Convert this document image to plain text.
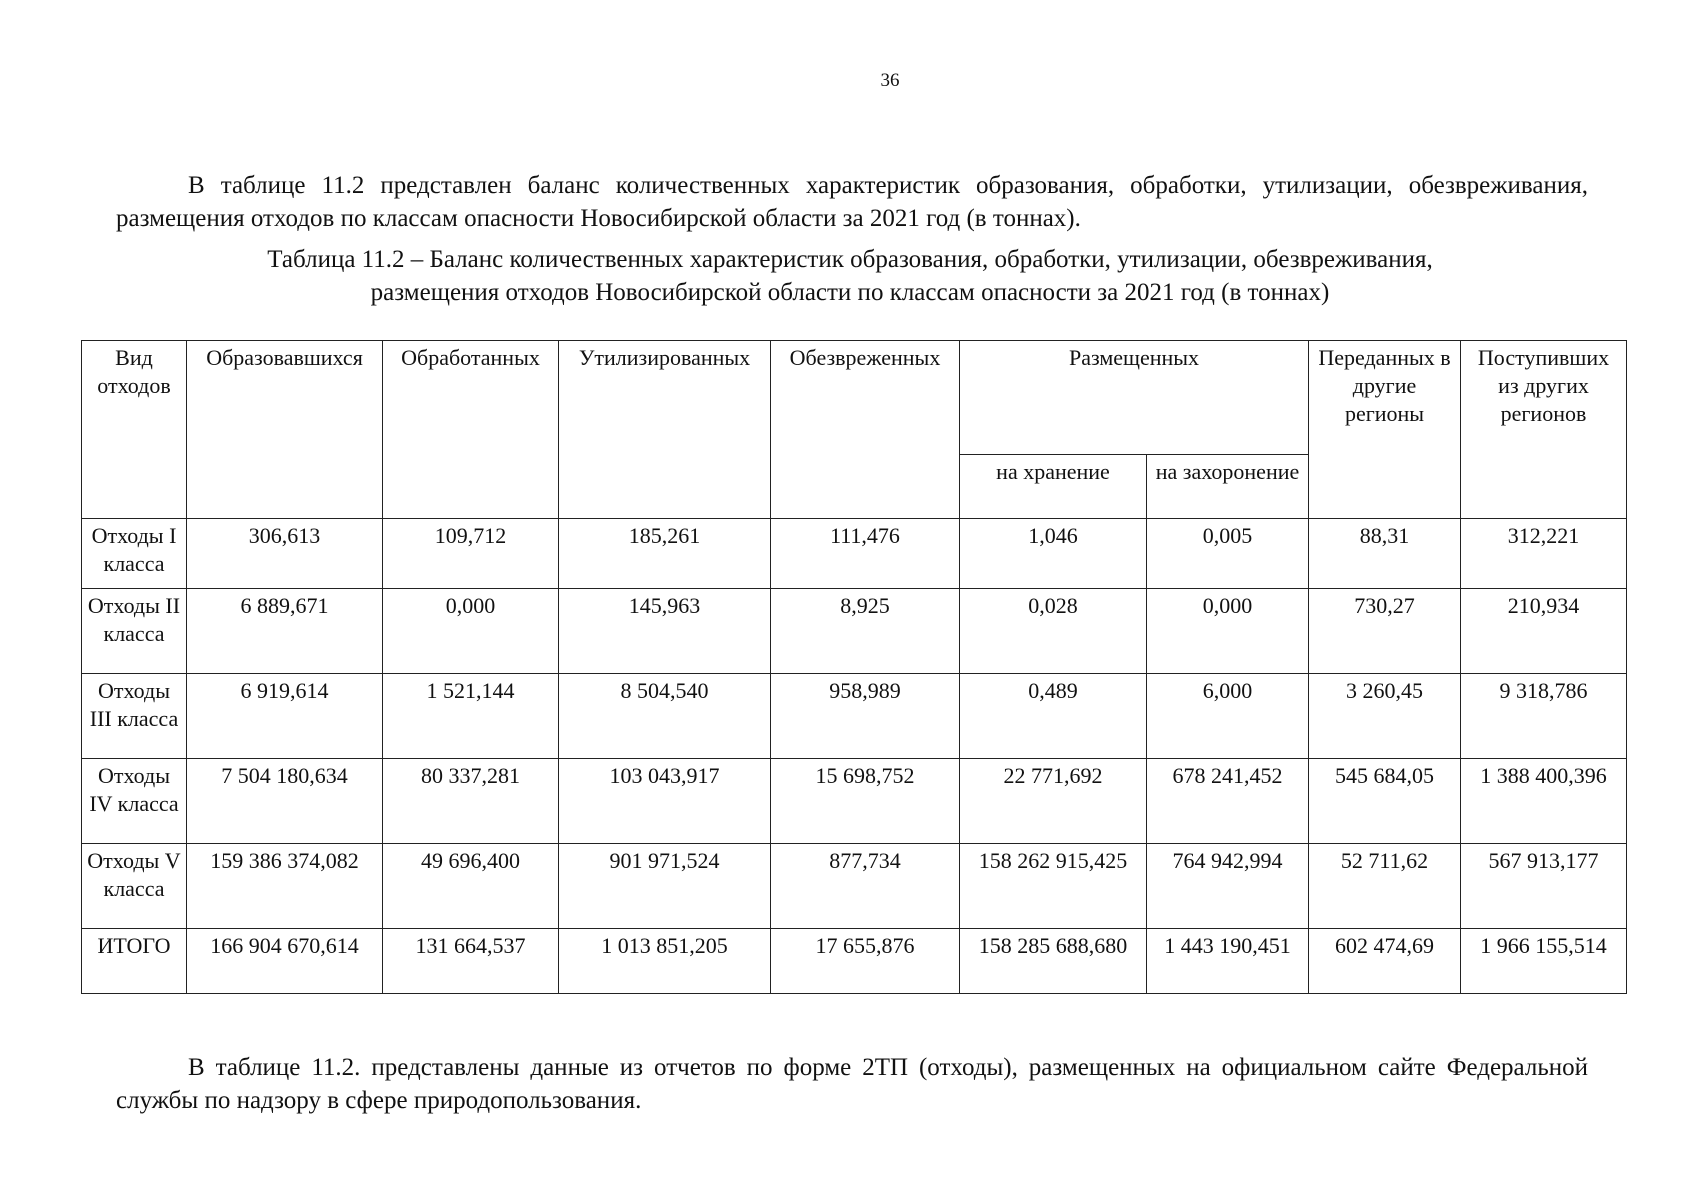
36

В таблице 11.2 представлен баланс количественных характеристик образования, обработки, утилизации, обезвреживания, размещения отходов по классам опасности Новосибирской области за 2021 год (в тоннах).

Таблица 11.2 – Баланс количественных характеристик образования, обработки, утилизации, обезвреживания,
размещения отходов Новосибирской области по классам опасности за 2021 год (в тоннах)
Вид отходов	Образовавшихся	Обработанных	Утилизированных	Обезвреженных	Размещенных		Переданных в другие регионы	Поступивших из других регионов
					на хранение	на захоронение		
Отходы I класса	306,613	109,712	185,261	111,476	1,046	0,005	88,31	312,221
Отходы II класса	6 889,671	0,000	145,963	8,925	0,028	0,000	730,27	210,934
Отходы III класса	6 919,614	1 521,144	8 504,540	958,989	0,489	6,000	3 260,45	9 318,786
Отходы IV класса	7 504 180,634	80 337,281	103 043,917	15 698,752	22 771,692	678 241,452	545 684,05	1 388 400,396
Отходы V класса	159 386 374,082	49 696,400	901 971,524	877,734	158 262 915,425	764 942,994	52 711,62	567 913,177
ИТОГО	166 904 670,614	131 664,537	1 013 851,205	17 655,876	158 285 688,680	1 443 190,451	602 474,69	1 966 155,514

В таблице 11.2. представлены данные из отчетов по форме 2ТП (отходы), размещенных на официальном сайте Федеральной службы по надзору в сфере природопользования.
